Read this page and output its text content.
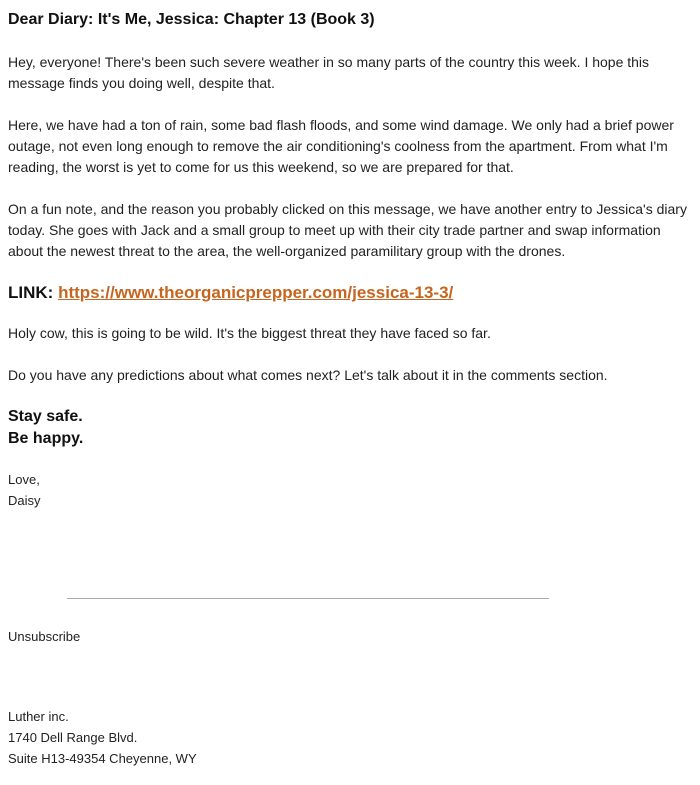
Dear Diary: It's Me, Jessica: Chapter 13 (Book 3)

Hey, everyone! There's been such severe weather in so many parts of the country this week. I hope this message finds you doing well, despite that.

Here, we have had a ton of rain, some bad flash floods, and some wind damage. We only had a brief power outage, not even long enough to remove the air conditioning's coolness from the apartment. From what I'm reading, the worst is yet to come for us this weekend, so we are prepared for that.

On a fun note, and the reason you probably clicked on this message, we have another entry to Jessica's diary today. She goes with Jack and a small group to meet up with their city trade partner and swap information about the newest threat to the area, the well-organized paramilitary group with the drones.

LINK: https://www.theorganicprepper.com/jessica-13-3/

Holy cow, this is going to be wild. It's the biggest threat they have faced so far.

Do you have any predictions about what comes next? Let's talk about it in the comments section.

Stay safe.
Be happy.
Love,
Daisy
Unsubscribe
Luther inc.
1740 Dell Range Blvd.
Suite H13-49354 Cheyenne, WY
